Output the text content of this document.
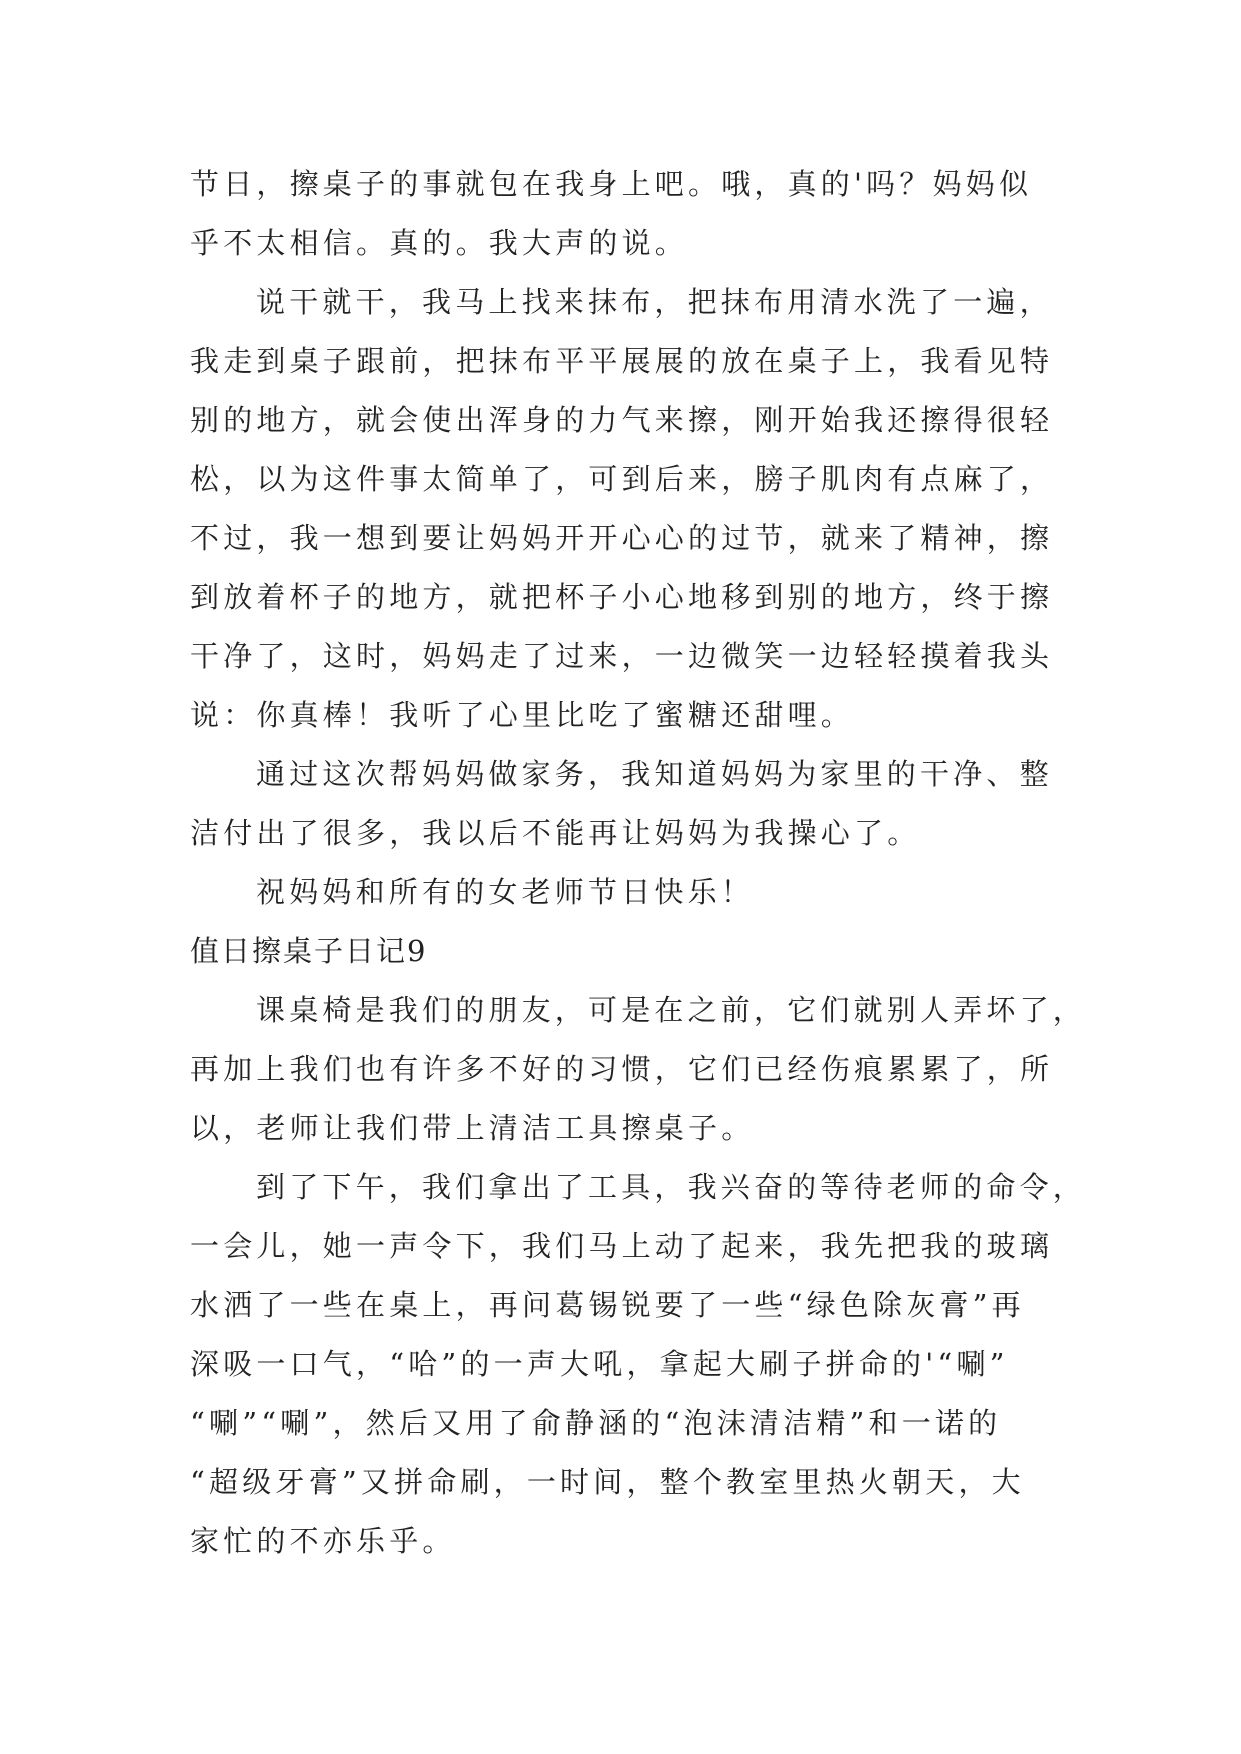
节日，擦桌子的事就包在我身上吧。哦，真的'吗？妈妈似
乎不太相信。真的。我大声的说。
说干就干，我马上找来抹布，把抹布用清水洗了一遍，
我走到桌子跟前，把抹布平平展展的放在桌子上，我看见特
别的地方，就会使出浑身的力气来擦，刚开始我还擦得很轻
松，以为这件事太简单了，可到后来，膀子肌肉有点麻了，
不过，我一想到要让妈妈开开心心的过节，就来了精神，擦
到放着杯子的地方，就把杯子小心地移到别的地方，终于擦
干净了，这时，妈妈走了过来，一边微笑一边轻轻摸着我头
说：你真棒！我听了心里比吃了蜜糖还甜哩。
通过这次帮妈妈做家务，我知道妈妈为家里的干净、整
洁付出了很多，我以后不能再让妈妈为我操心了。
祝妈妈和所有的女老师节日快乐！
值日擦桌子日记9
课桌椅是我们的朋友，可是在之前，它们就别人弄坏了，
再加上我们也有许多不好的习惯，它们已经伤痕累累了，所
以，老师让我们带上清洁工具擦桌子。
到了下午，我们拿出了工具，我兴奋的等待老师的命令，
一会儿，她一声令下，我们马上动了起来，我先把我的玻璃
水洒了一些在桌上，再问葛锡锐要了一些“绿色除灰膏”再
深吸一口气，“哈”的一声大吼，拿起大刷子拼命的'“唰”
“唰”“唰”，然后又用了俞静涵的“泡沫清洁精”和一诺的
“超级牙膏”又拼命刷，一时间，整个教室里热火朝天，大
家忙的不亦乐乎。
